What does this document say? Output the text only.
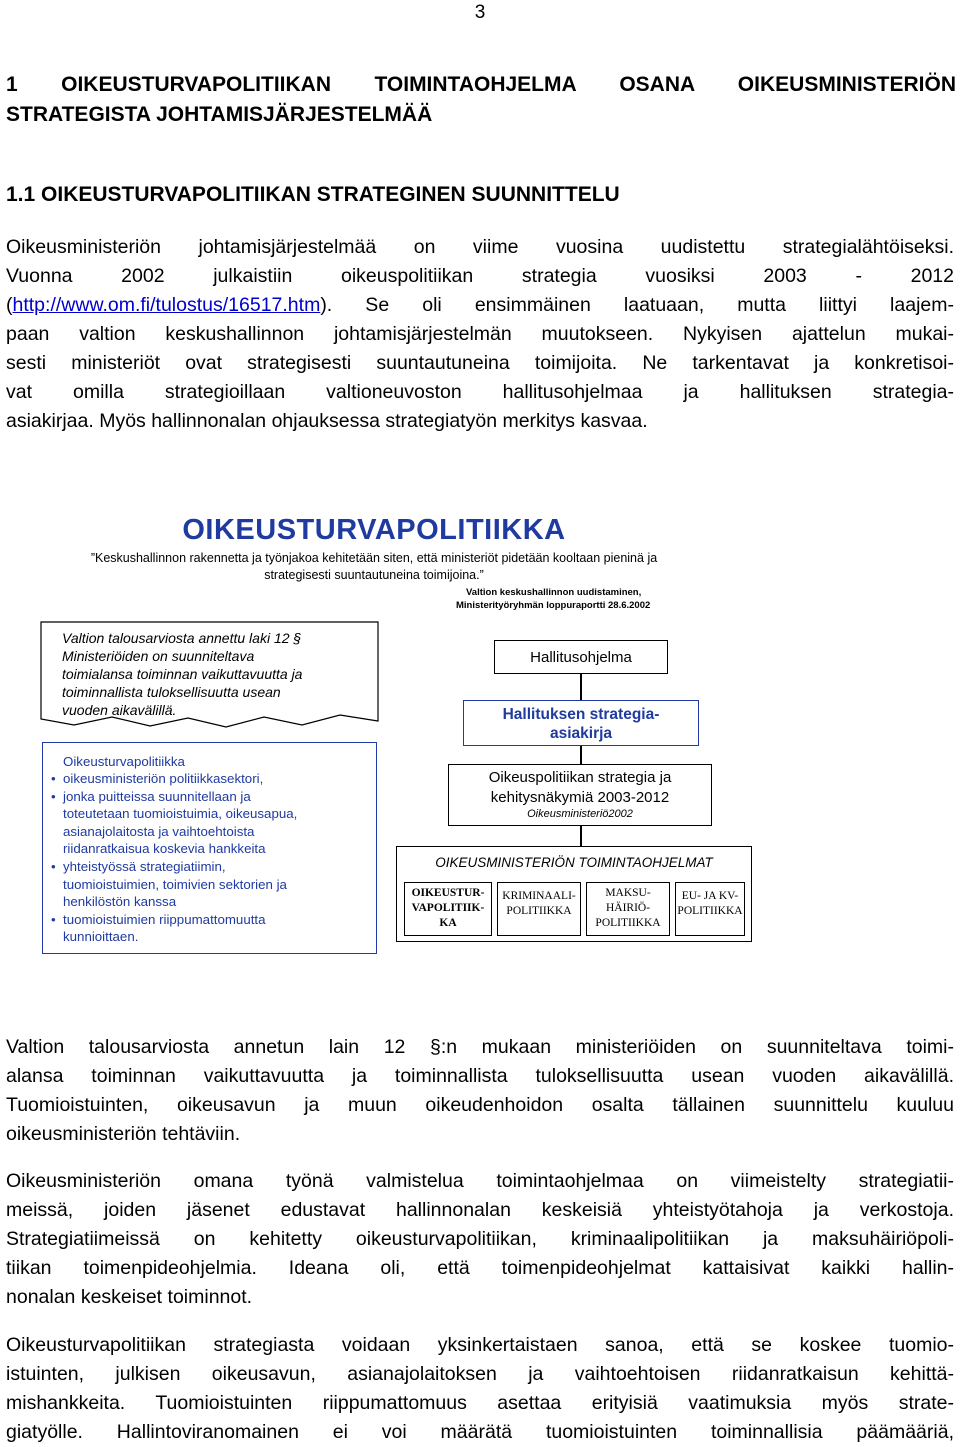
3
1 OIKEUSTURVAPOLITIIKAN TOIMINTAOHJELMA OSANA OIKEUSMINISTERIÖN
STRATEGISTA JOHTAMISJÄRJESTELMÄÄ
1.1 OIKEUSTURVAPOLITIIKAN STRATEGINEN SUUNNITTELU
Oikeusministeriön johtamisjärjestelmää on viime vuosina uudistettu strategialähtöiseksi.
Vuonna 2002 julkaistiin oikeuspolitiikan strategia vuosiksi 2003 - 2012
(http://www.om.fi/tulostus/16517.htm). Se oli ensimmäinen laatuaan, mutta liittyi laajem-
paan valtion keskushallinnon johtamisjärjestelmän muutokseen. Nykyisen ajattelun mukai-
sesti ministeriöt ovat strategisesti suuntautuneina toimijoita. Ne tarkentavat ja konkretisoi-
vat omilla strategioillaan valtioneuvoston hallitusohjelmaa ja hallituksen strategia-
asiakirjaa. Myös hallinnonalan ohjauksessa strategiatyön merkitys kasvaa.
OIKEUSTURVAPOLITIIKKA
”Keskushallinnon rakennetta ja työnjakoa kehitetään siten, että ministeriöt pidetään kooltaan pieninä ja
strategisesti suuntautuneina toimijoina.”
Valtion keskushallinnon uudistaminen,
Ministerityöryhmän loppuraportti 28.6.2002
Valtion talousarviosta annettu laki 12 §
Ministeriöiden on suunniteltava
toimialansa toiminnan vaikuttavuutta ja
toiminnallista tuloksellisuutta usean
vuoden aikavälillä.
Oikeusturvapolitiikka
• oikeusministeriön politiikkasektori,
• jonka puitteissa suunnitellaan ja
toteutetaan tuomioistuimia, oikeusapua,
asianajolaitosta ja vaihtoehtoista
riidanratkaisua koskevia hankkeita
• yhteistyössä strategiatiimin,
tuomioistuimien, toimivien sektorien ja
henkilöstön kanssa
• tuomioistuimien riippumattomuutta
kunnioittaen.
Hallitusohjelma
Hallituksen strategia-
asiakirja
Oikeuspolitiikan strategia ja
kehitysnäkymiä 2003-2012
Oikeusministeriö2002
OIKEUSMINISTERIÖN TOIMINTAOHJELMAT
OIKEUSTUR-
VAPOLITIIK-
KA
KRIMINAALI-
POLITIIKKA
MAKSU-
HÄIRIÖ-
POLITIIKKA
EU- JA KV-
POLITIIKKA
Valtion talousarviosta annetun lain 12 §:n mukaan ministeriöiden on suunniteltava toimi-
alansa toiminnan vaikuttavuutta ja toiminnallista tuloksellisuutta usean vuoden aikavälillä.
Tuomioistuinten, oikeusavun ja muun oikeudenhoidon osalta tällainen suunnittelu kuuluu
oikeusministeriön tehtäviin.
Oikeusministeriön omana työnä valmistelua toimintaohjelmaa on viimeistelty strategiatii-
meissä, joiden jäsenet edustavat hallinnonalan keskeisiä yhteistyötahoja ja verkostoja.
Strategiatiimeissä on kehitetty oikeusturvapolitiikan, kriminaalipolitiikan ja maksuhäiriöpoli-
tiikan toimenpideohjelmia. Ideana oli, että toimenpideohjelmat kattaisivat kaikki hallin-
nonalan keskeiset toiminnot.
Oikeusturvapolitiikan strategiasta voidaan yksinkertaistaen sanoa, että se koskee tuomio-
istuinten, julkisen oikeusavun, asianajolaitoksen ja vaihtoehtoisen riidanratkaisun kehittä-
mishankkeita. Tuomioistuinten riippumattomuus asettaa erityisiä vaatimuksia myös strate-
giatyölle. Hallintoviranomainen ei voi määrätä tuomioistuinten toiminnallisia päämääriä,
